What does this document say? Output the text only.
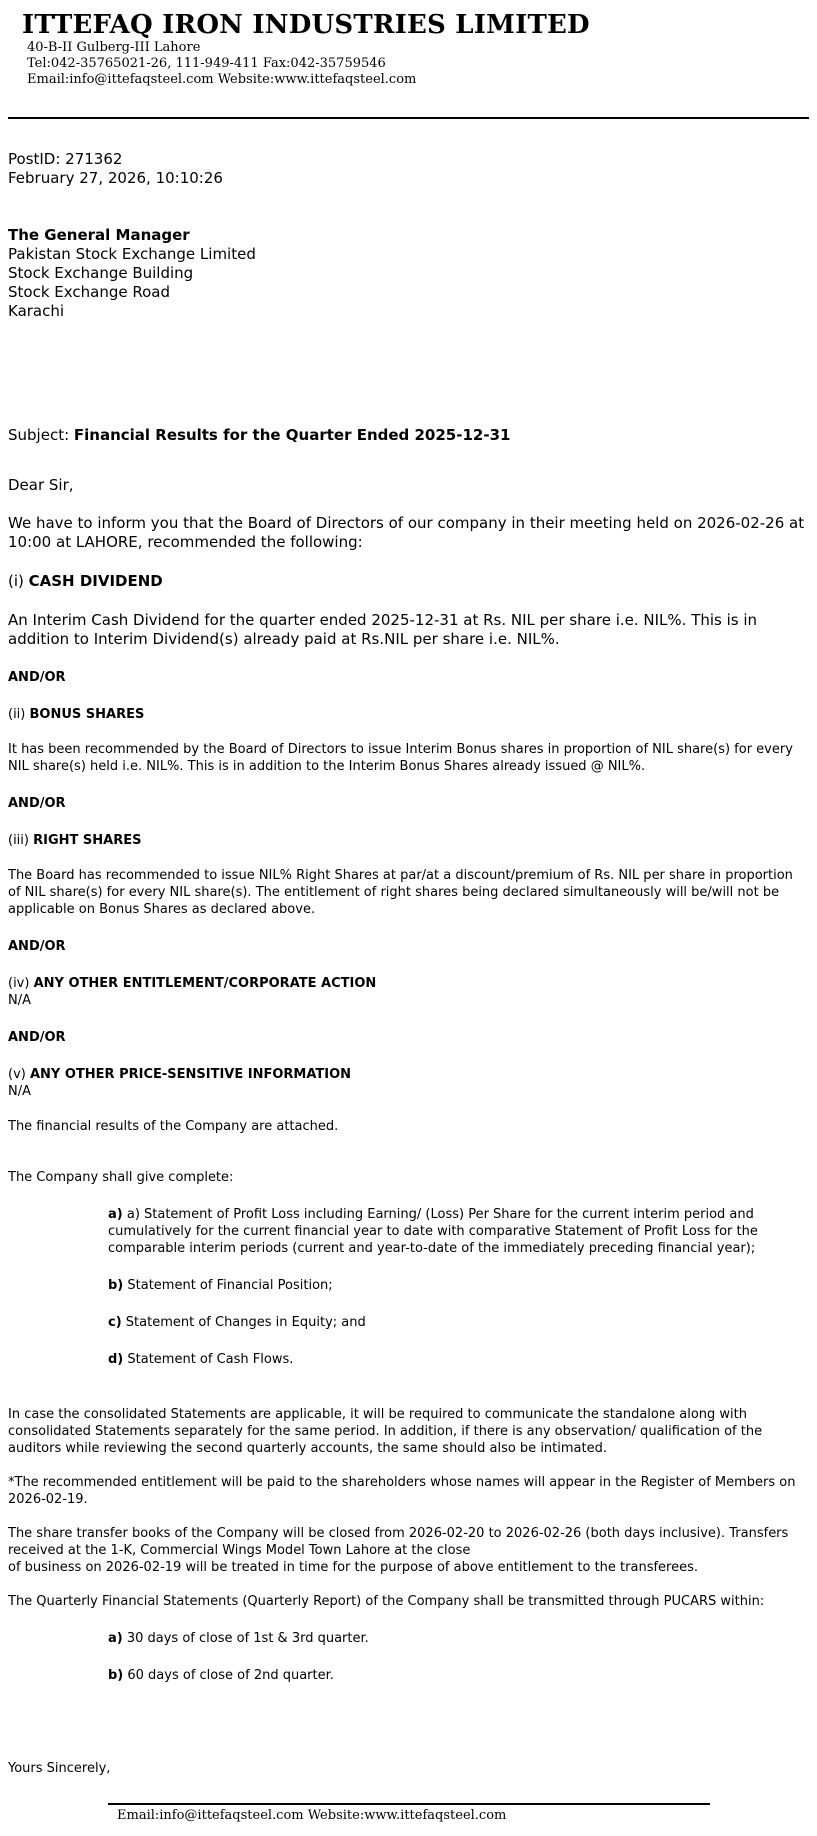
ITTEFAQ IRON INDUSTRIES LIMITED
40-B-II Gulberg-III Lahore
Tel:042-35765021-26, 111-949-411 Fax:042-35759546
Email:info@ittefaqsteel.com Website:www.ittefaqsteel.com
PostID: 271362
February 27, 2026, 10:10:26
The General Manager
Pakistan Stock Exchange Limited
Stock Exchange Building
Stock Exchange Road
Karachi
Subject: Financial Results for the Quarter Ended 2025-12-31
Dear Sir,
We have to inform you that the Board of Directors of our company in their meeting held on 2026-02-26 at 10:00 at LAHORE, recommended the following:
(i) CASH DIVIDEND
An Interim Cash Dividend for the quarter ended 2025-12-31 at Rs. NIL per share i.e. NIL%. This is in addition to Interim Dividend(s) already paid at Rs.NIL per share i.e. NIL%.
AND/OR
(ii) BONUS SHARES
It has been recommended by the Board of Directors to issue Interim Bonus shares in proportion of NIL share(s) for every NIL share(s) held i.e. NIL%. This is in addition to the Interim Bonus Shares already issued @ NIL%.
AND/OR
(iii) RIGHT SHARES
The Board has recommended to issue NIL% Right Shares at par/at a discount/premium of Rs. NIL per share in proportion of NIL share(s) for every NIL share(s). The entitlement of right shares being declared simultaneously will be/will not be applicable on Bonus Shares as declared above.
AND/OR
(iv) ANY OTHER ENTITLEMENT/CORPORATE ACTION
N/A
AND/OR
(v) ANY OTHER PRICE-SENSITIVE INFORMATION
N/A
The financial results of the Company are attached.
The Company shall give complete:
a) a) Statement of Profit Loss including Earning/ (Loss) Per Share for the current interim period and cumulatively for the current financial year to date with comparative Statement of Profit Loss for the comparable interim periods (current and year-to-date of the immediately preceding financial year);
b) Statement of Financial Position;
c) Statement of Changes in Equity; and
d) Statement of Cash Flows.
In case the consolidated Statements are applicable, it will be required to communicate the standalone along with consolidated Statements separately for the same period. In addition, if there is any observation/ qualification of the auditors while reviewing the second quarterly accounts, the same should also be intimated.
*The recommended entitlement will be paid to the shareholders whose names will appear in the Register of Members on 2026-02-19.
The share transfer books of the Company will be closed from 2026-02-20 to 2026-02-26 (both days inclusive). Transfers received at the 1-K, Commercial Wings Model Town Lahore at the close
of business on 2026-02-19 will be treated in time for the purpose of above entitlement to the transferees.
The Quarterly Financial Statements (Quarterly Report) of the Company shall be transmitted through PUCARS within:
a) 30 days of close of 1st & 3rd quarter.
b) 60 days of close of 2nd quarter.
Yours Sincerely,
Email:info@ittefaqsteel.com Website:www.ittefaqsteel.com
